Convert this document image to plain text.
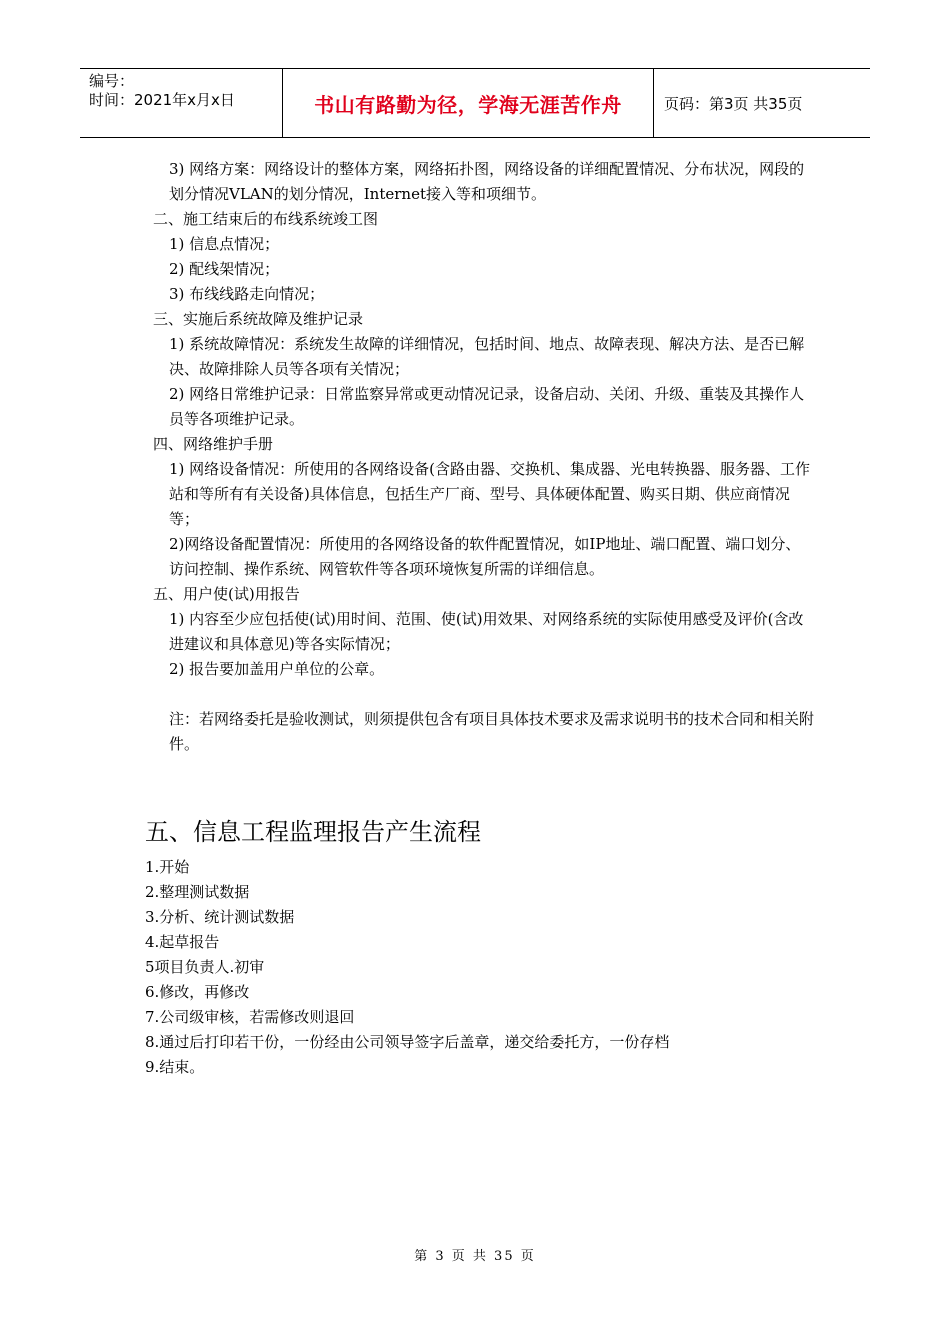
编号：
时间：2021年x月x日	书山有路勤为径，学海无涯苦作舟	页码：第3页 共35页

3) 网络方案：网络设计的整体方案，网络拓扑图，网络设备的详细配置情况、分布状况，网段的划分情况VLAN的划分情况，Internet接入等和项细节。

二、施工结束后的布线系统竣工图

1) 信息点情况；

2) 配线架情况；

3) 布线线路走向情况；

三、实施后系统故障及维护记录

1) 系统故障情况：系统发生故障的详细情况，包括时间、地点、故障表现、解决方法、是否已解决、故障排除人员等各项有关情况；

2) 网络日常维护记录：日常监察异常或更动情况记录，设备启动、关闭、升级、重装及其操作人员等各项维护记录。

四、网络维护手册

1) 网络设备情况：所使用的各网络设备(含路由器、交换机、集成器、光电转换器、服务器、工作站和等所有有关设备)具体信息，包括生产厂商、型号、具体硬体配置、购买日期、供应商情况等；

2)网络设备配置情况：所使用的各网络设备的软件配置情况，如IP地址、端口配置、端口划分、访问控制、操作系统、网管软件等各项环境恢复所需的详细信息。

五、用户使(试)用报告

1) 内容至少应包括使(试)用时间、范围、使(试)用效果、对网络系统的实际使用感受及评价(含改进建议和具体意见)等各实际情况；

2) 报告要加盖用户单位的公章。

注：若网络委托是验收测试，则须提供包含有项目具体技术要求及需求说明书的技术合同和相关附件。

五、信息工程监理报告产生流程

1.开始

2.整理测试数据

3.分析、统计测试数据

4.起草报告

5项目负责人.初审

6.修改，再修改

7.公司级审核，若需修改则退回

8.通过后打印若干份，一份经由公司领导签字后盖章，递交给委托方，一份存档

9.结束。

第 3 页 共 35 页
